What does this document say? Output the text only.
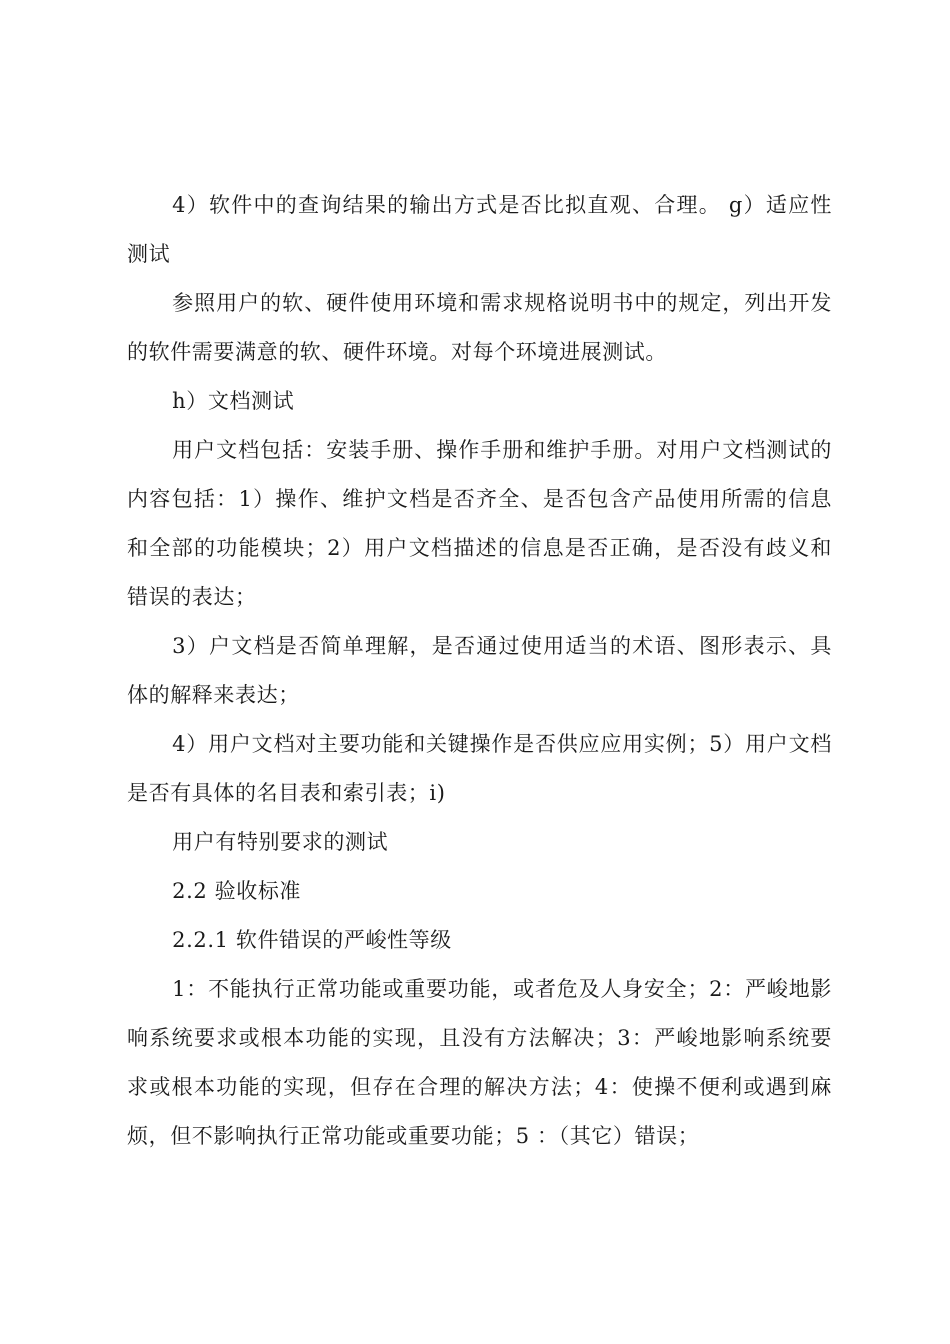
4）软件中的查询结果的输出方式是否比拟直观、合理。 g）适应性测试

参照用户的软、硬件使用环境和需求规格说明书中的规定，列出开发的软件需要满意的软、硬件环境。对每个环境进展测试。

h）文档测试

用户文档包括：安装手册、操作手册和维护手册。对用户文档测试的内容包括：1）操作、维护文档是否齐全、是否包含产品使用所需的信息和全部的功能模块；2）用户文档描述的信息是否正确，是否没有歧义和错误的表达；

3）户文档是否简单理解，是否通过使用适当的术语、图形表示、具体的解释来表达；

4）用户文档对主要功能和关键操作是否供应应用实例；5）用户文档是否有具体的名目表和索引表；i)

用户有特别要求的测试

2.2 验收标准

2.2.1 软件错误的严峻性等级

1：不能执行正常功能或重要功能，或者危及人身安全；2：严峻地影响系统要求或根本功能的实现，且没有方法解决；3：严峻地影响系统要求或根本功能的实现，但存在合理的解决方法；4：使操不便利或遇到麻烦，但不影响执行正常功能或重要功能；5 ：（其它）错误；
